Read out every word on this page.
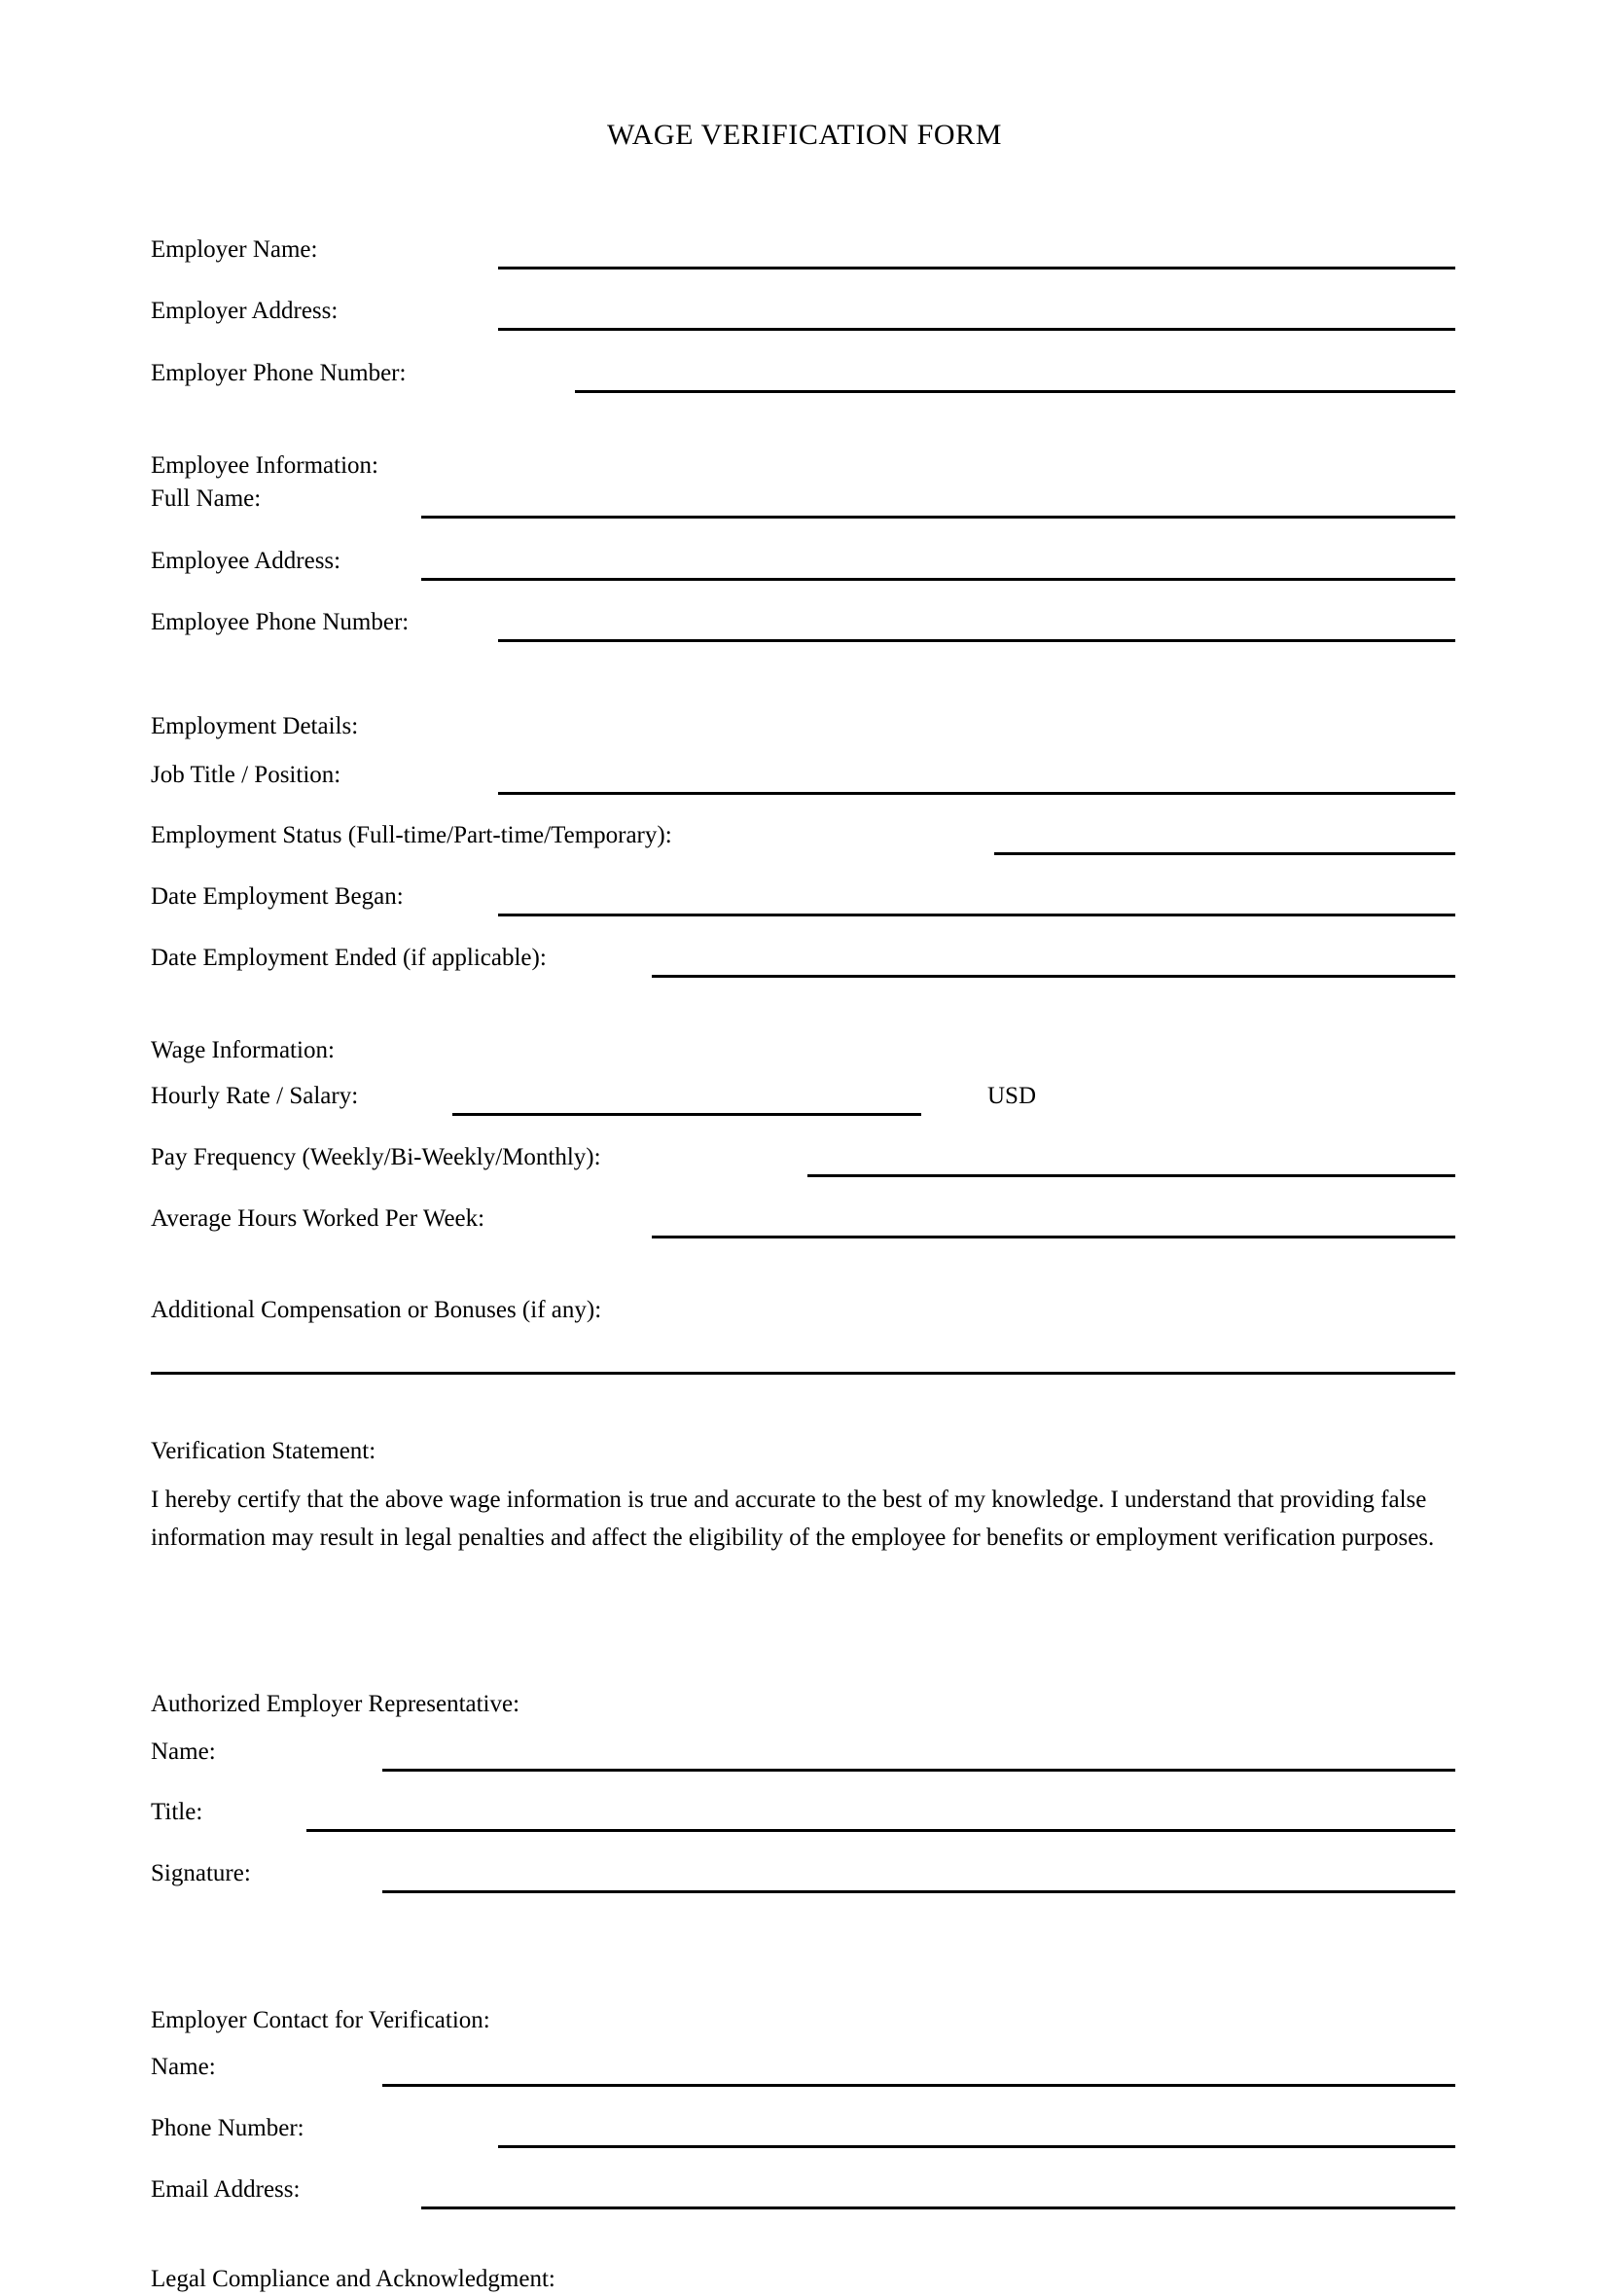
WAGE VERIFICATION FORM
Employer Name:
Employer Address:
Employer Phone Number:
Employee Information:
Full Name:
Employee Address:
Employee Phone Number:
Employment Details:
Job Title / Position:
Employment Status (Full-time/Part-time/Temporary):
Date Employment Began:
Date Employment Ended (if applicable):
Wage Information:
Hourly Rate / Salary:	USD
Pay Frequency (Weekly/Bi-Weekly/Monthly):
Average Hours Worked Per Week:
Additional Compensation or Bonuses (if any):
Verification Statement:
I hereby certify that the above wage information is true and accurate to the best of my knowledge. I understand that providing false information may result in legal penalties and affect the eligibility of the employee for benefits or employment verification purposes.
Authorized Employer Representative:
Name:
Title:
Signature:
Employer Contact for Verification:
Name:
Phone Number:
Email Address:
Legal Compliance and Acknowledgment:
